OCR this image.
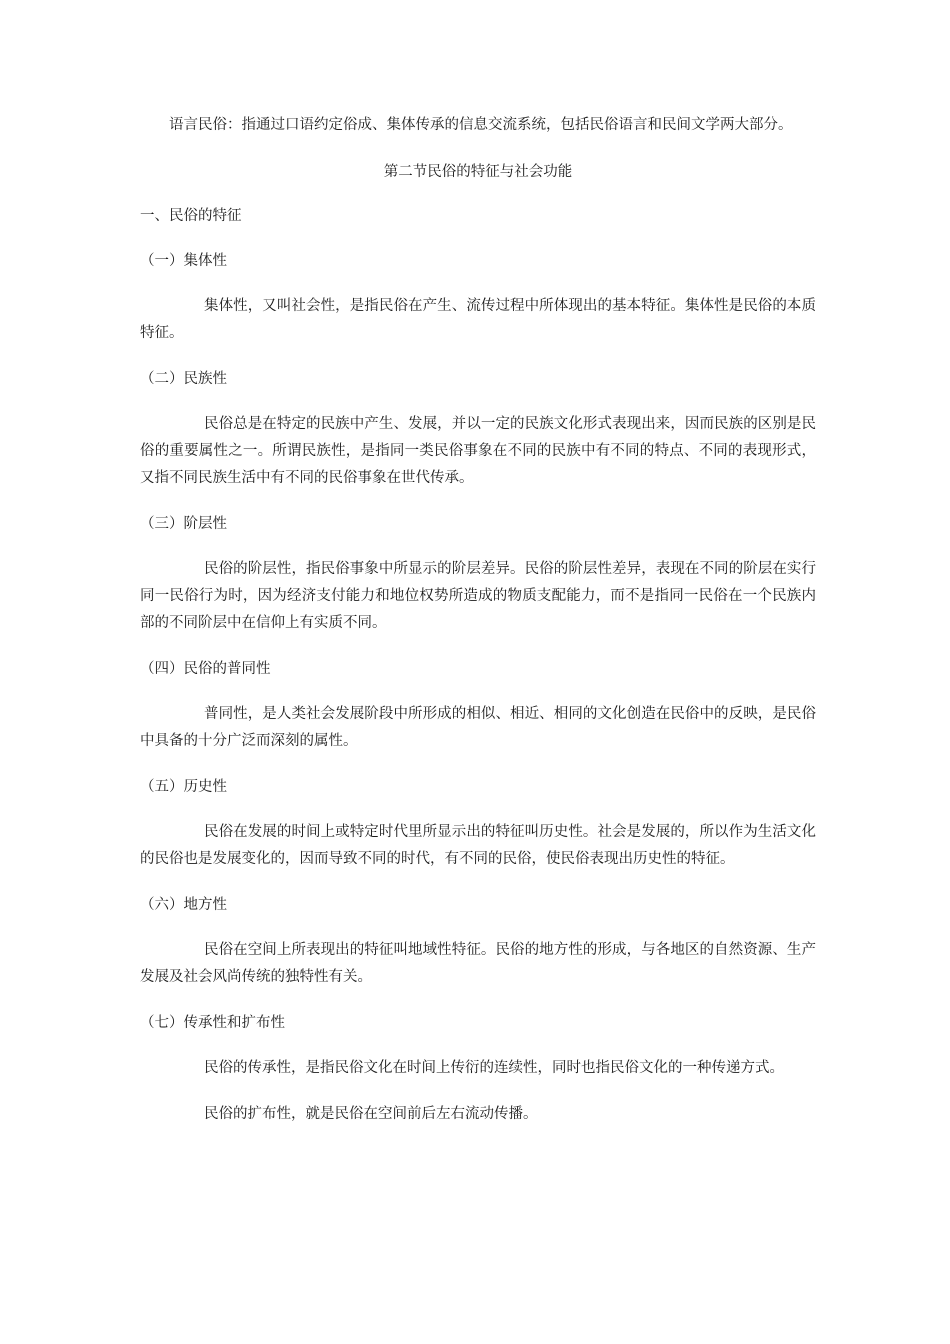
语言民俗：指通过口语约定俗成、集体传承的信息交流系统，包括民俗语言和民间文学两大部分。

第二节民俗的特征与社会功能

一、民俗的特征

（一）集体性

集体性，又叫社会性，是指民俗在产生、流传过程中所体现出的基本特征。集体性是民俗的本质特征。

（二）民族性

民俗总是在特定的民族中产生、发展，并以一定的民族文化形式表现出来，因而民族的区别是民俗的重要属性之一。所谓民族性，是指同一类民俗事象在不同的民族中有不同的特点、不同的表现形式，又指不同民族生活中有不同的民俗事象在世代传承。

（三）阶层性

民俗的阶层性，指民俗事象中所显示的阶层差异。民俗的阶层性差异，表现在不同的阶层在实行同一民俗行为时，因为经济支付能力和地位权势所造成的物质支配能力，而不是指同一民俗在一个民族内部的不同阶层中在信仰上有实质不同。

（四）民俗的普同性

普同性，是人类社会发展阶段中所形成的相似、相近、相同的文化创造在民俗中的反映，是民俗中具备的十分广泛而深刻的属性。

（五）历史性

民俗在发展的时间上或特定时代里所显示出的特征叫历史性。社会是发展的，所以作为生活文化的民俗也是发展变化的，因而导致不同的时代，有不同的民俗，使民俗表现出历史性的特征。

（六）地方性

民俗在空间上所表现出的特征叫地域性特征。民俗的地方性的形成，与各地区的自然资源、生产发展及社会风尚传统的独特性有关。

（七）传承性和扩布性

民俗的传承性，是指民俗文化在时间上传衍的连续性，同时也指民俗文化的一种传递方式。

民俗的扩布性，就是民俗在空间前后左右流动传播。
